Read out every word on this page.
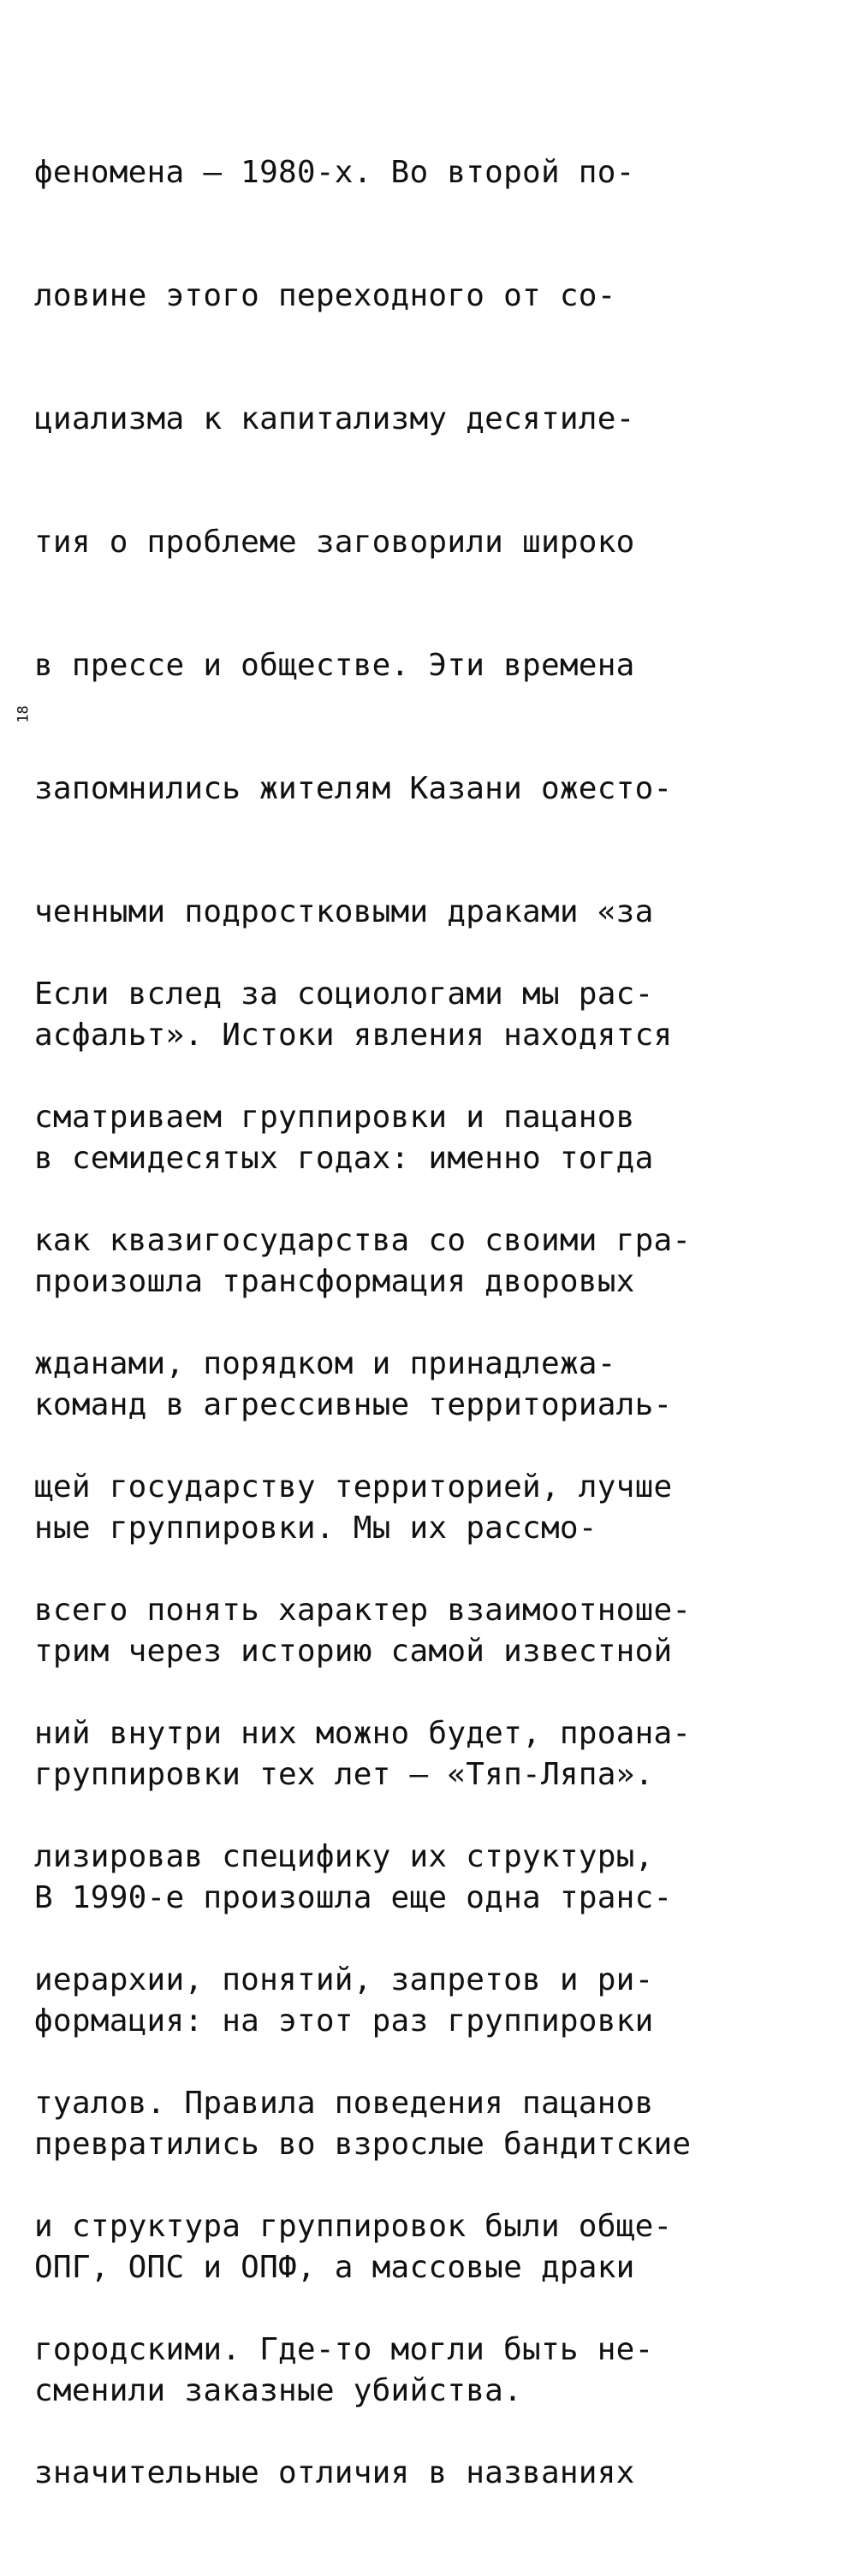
18

феномена — 1980-х. Во второй по-

ловине этого переходного от со-

циализма к капитализму десятиле-

тия о проблеме заговорили широко

в прессе и обществе. Эти времена

запомнились жителям Казани ожесто-

ченными подростковыми драками «за

асфальт». Истоки явления находятся

в семидесятых годах: именно тогда

произошла трансформация дворовых

команд в агрессивные территориаль-

ные группировки. Мы их рассмо-

трим через историю самой известной

группировки тех лет — «Тяп-Ляпа».

В 1990-е произошла еще одна транс-

формация: на этот раз группировки

превратились во взрослые бандитские

ОПГ, ОПС и ОПФ, а массовые драки

сменили заказные убийства.

Если вслед за социологами мы рас-

сматриваем группировки и пацанов

как квазигосударства со своими гра-

жданами, порядком и принадлежа-

щей государству территорией, лучше

всего понять характер взаимоотноше-

ний внутри них можно будет, проана-

лизировав специфику их структуры,

иерархии, понятий, запретов и ри-

туалов. Правила поведения пацанов

и структура группировок были обще-

городскими. Где-то могли быть не-

значительные отличия в названиях
